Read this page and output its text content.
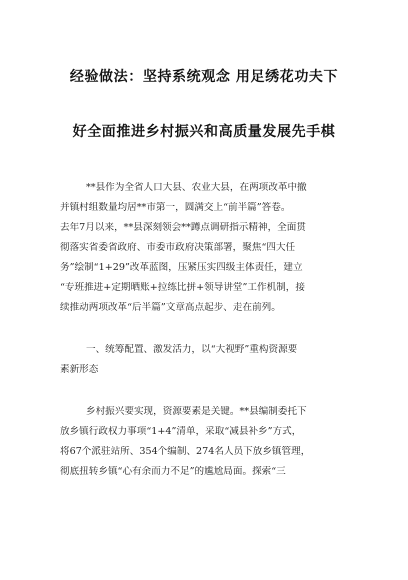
经验做法：坚持系统观念 用足绣花功夫下
好全面推进乡村振兴和高质量发展先手棋
**县作为全省人口大县、农业大县，在两项改革中撤
并镇村组数量均居**市第一，圆满交上“前半篇”答卷。
去年7月以来，**县深刻领会**蹲点调研指示精神，全面贯
彻落实省委省政府、市委市政府决策部署，聚焦“四大任
务”绘制“1+29”改革蓝图，压紧压实四级主体责任，建立
“专班推进+定期晒账+拉练比拼+领导讲堂”工作机制，接
续推动两项改革“后半篇”文章高点起步、走在前列。
一、统筹配置、激发活力，以“大视野”重构资源要
素新形态
乡村振兴要实现，资源要素是关键。**县编制委托下
放乡镇行政权力事项“1+4”清单，采取“减县补乡”方式，
将67个派驻站所、354个编制、274名人员下放乡镇管理，
彻底扭转乡镇“心有余而力不足”的尴尬局面。探索“三
